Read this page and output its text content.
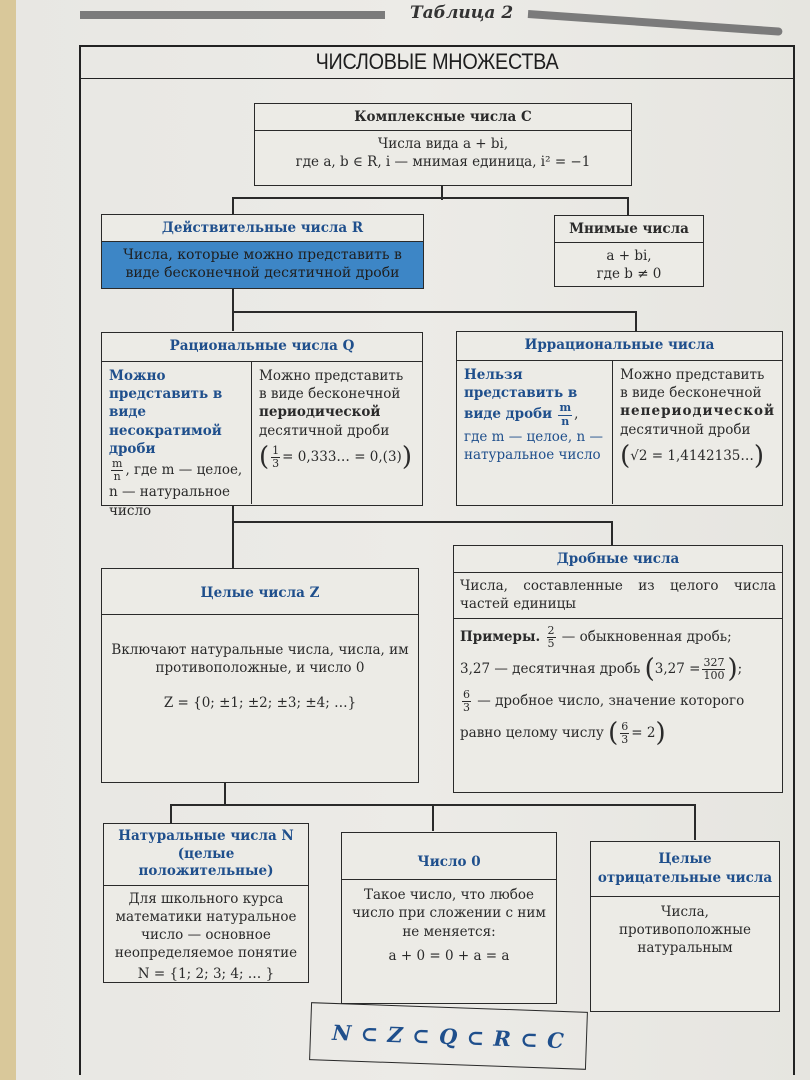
Таблица 2
ЧИСЛОВЫЕ МНОЖЕСТВА
Комплексные числа C
Числа вида a + bi,
где a, b ∈ R, i — мнимая единица, i² = −1
Действительные числа R
Числа, которые можно представить в виде бесконечной десятичной дроби
Мнимые числа
a + bi,
где b ≠ 0
Рациональные числа Q
Можно представить в виде несократимой дроби

$\frac{m}{n}$ , где m — целое, n — натуральное число
Можно представить в виде бесконечной периодической десятичной дроби
( $\frac{1}{3}$ = 0,333… = 0,(3))
Иррациональные числа
Нельзя представить в виде дроби $\frac{m}{n}$ ,
где m — целое, n — натуральное число
Можно представить в виде бесконечной непериодической десятичной дроби
(√2 = 1,4142135…)
Целые числа Z
Включают натуральные числа, числа, им противоположные, и число 0
Z = {0; ±1; ±2; ±3; ±4; …}
Дробные числа
Числа, составленные из целого числа частей единицы
Примеры. $\frac{2}{5}$ — обыкновенная дробь;
3,27 — десятичная дробь ($3,27 = \frac{327}{100}$ );
$\frac{6}{3}$ — дробное число, значение которого
равно целому числу ( $\frac{6}{3} = 2$)
Натуральные числа N (целые положительные)
Для школьного курса математики натуральное число — основное неопределяемое понятие
N = {1; 2; 3; 4; … }
Число 0
Такое число, что любое число при сложении с ним не меняется:
a + 0 = 0 + a = a
Целые отрицательные числа
Числа, противоположные натуральным
N ⊂ Z ⊂ Q ⊂ R ⊂ C
